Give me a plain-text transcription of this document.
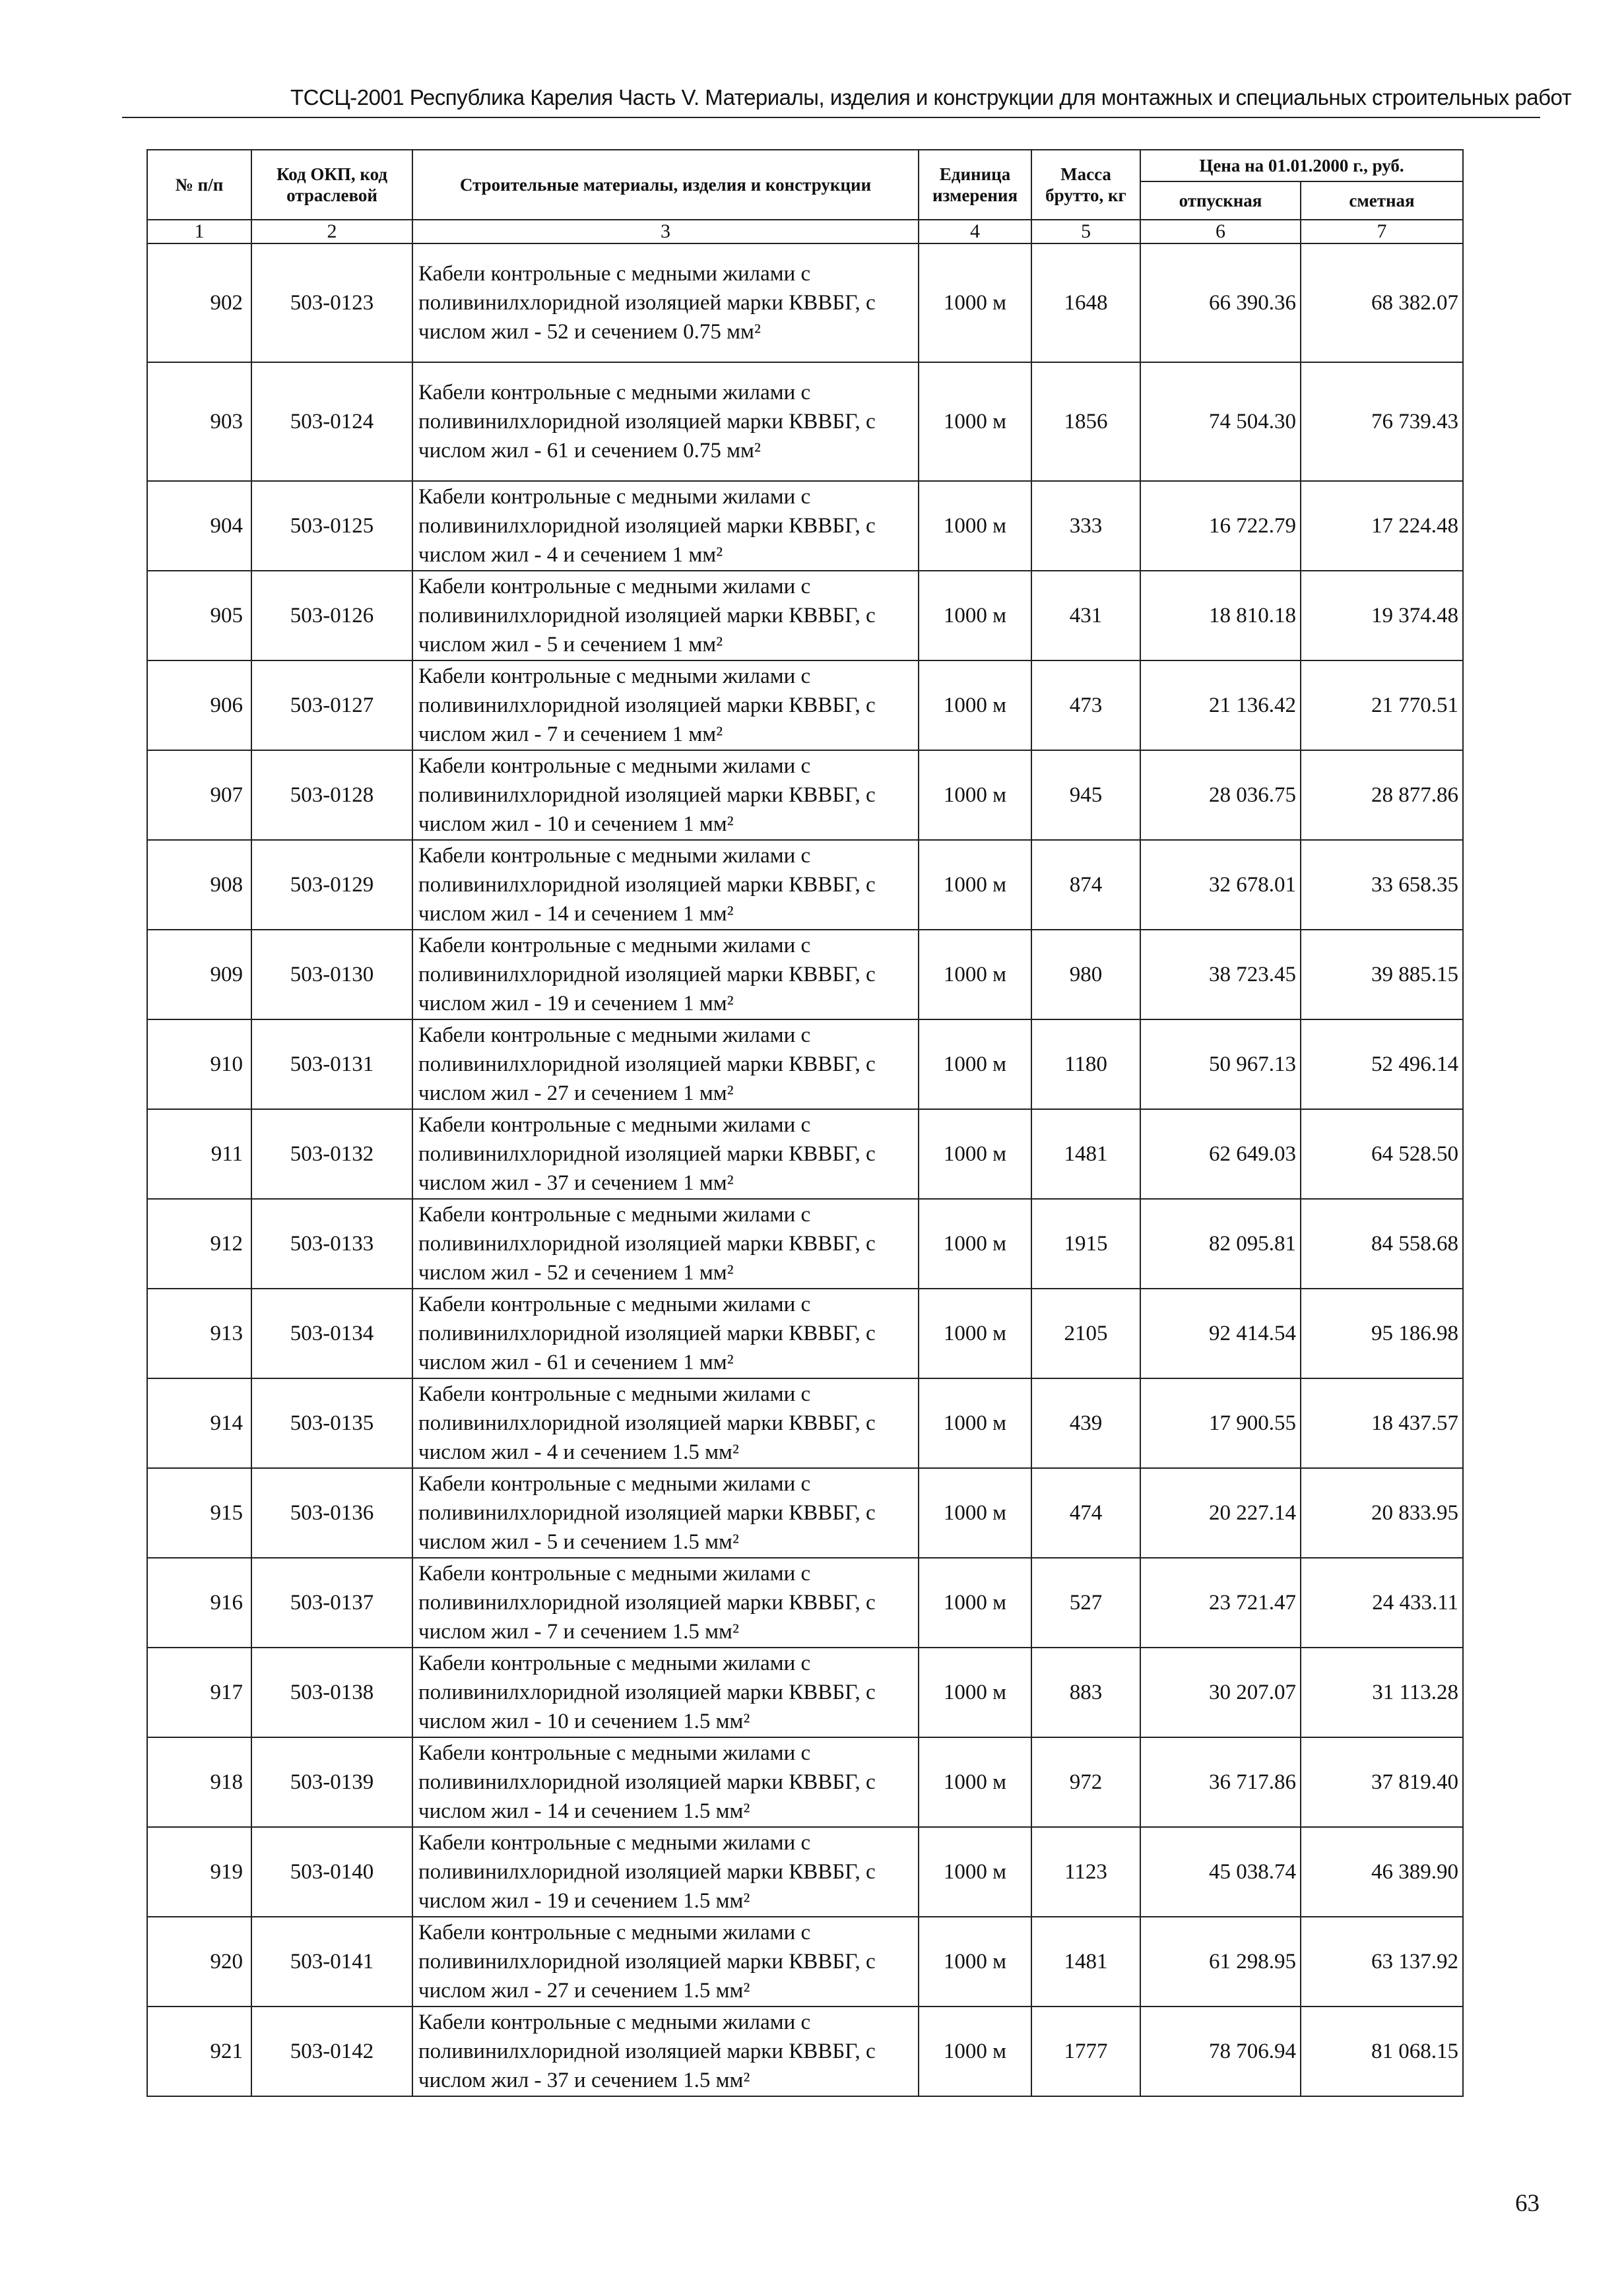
ТССЦ-2001 Республика Карелия Часть V. Материалы, изделия и конструкции для монтажных и специальных строительных работ
№ п/п	Код ОКП, код отраслевой	Строительные материалы, изделия и конструкции	Единица измерения	Масса брутто, кг	Цена на 01.01.2000 г., руб.	
					отпускная	сметная
1	2	3	4	5	6	7
902	503-0123	Кабели контрольные с медными жилами с поливинилхлоридной изоляцией марки КВВБГ, с числом жил - 52 и сечением 0.75 мм²	1000 м	1648	66 390.36	68 382.07
903	503-0124	Кабели контрольные с медными жилами с поливинилхлоридной изоляцией марки КВВБГ, с числом жил - 61 и сечением 0.75 мм²	1000 м	1856	74 504.30	76 739.43
904	503-0125	Кабели контрольные с медными жилами с поливинилхлоридной изоляцией марки КВВБГ, с числом жил - 4 и сечением 1 мм²	1000 м	333	16 722.79	17 224.48
905	503-0126	Кабели контрольные с медными жилами с поливинилхлоридной изоляцией марки КВВБГ, с числом жил - 5 и сечением 1 мм²	1000 м	431	18 810.18	19 374.48
906	503-0127	Кабели контрольные с медными жилами с поливинилхлоридной изоляцией марки КВВБГ, с числом жил - 7 и сечением 1 мм²	1000 м	473	21 136.42	21 770.51
907	503-0128	Кабели контрольные с медными жилами с поливинилхлоридной изоляцией марки КВВБГ, с числом жил - 10 и сечением 1 мм²	1000 м	945	28 036.75	28 877.86
908	503-0129	Кабели контрольные с медными жилами с поливинилхлоридной изоляцией марки КВВБГ, с числом жил - 14 и сечением 1 мм²	1000 м	874	32 678.01	33 658.35
909	503-0130	Кабели контрольные с медными жилами с поливинилхлоридной изоляцией марки КВВБГ, с числом жил - 19 и сечением 1 мм²	1000 м	980	38 723.45	39 885.15
910	503-0131	Кабели контрольные с медными жилами с поливинилхлоридной изоляцией марки КВВБГ, с числом жил - 27 и сечением 1 мм²	1000 м	1180	50 967.13	52 496.14
911	503-0132	Кабели контрольные с медными жилами с поливинилхлоридной изоляцией марки КВВБГ, с числом жил - 37 и сечением 1 мм²	1000 м	1481	62 649.03	64 528.50
912	503-0133	Кабели контрольные с медными жилами с поливинилхлоридной изоляцией марки КВВБГ, с числом жил - 52 и сечением 1 мм²	1000 м	1915	82 095.81	84 558.68
913	503-0134	Кабели контрольные с медными жилами с поливинилхлоридной изоляцией марки КВВБГ, с числом жил - 61 и сечением 1 мм²	1000 м	2105	92 414.54	95 186.98
914	503-0135	Кабели контрольные с медными жилами с поливинилхлоридной изоляцией марки КВВБГ, с числом жил - 4 и сечением 1.5 мм²	1000 м	439	17 900.55	18 437.57
915	503-0136	Кабели контрольные с медными жилами с поливинилхлоридной изоляцией марки КВВБГ, с числом жил - 5 и сечением 1.5 мм²	1000 м	474	20 227.14	20 833.95
916	503-0137	Кабели контрольные с медными жилами с поливинилхлоридной изоляцией марки КВВБГ, с числом жил - 7 и сечением 1.5 мм²	1000 м	527	23 721.47	24 433.11
917	503-0138	Кабели контрольные с медными жилами с поливинилхлоридной изоляцией марки КВВБГ, с числом жил - 10 и сечением 1.5 мм²	1000 м	883	30 207.07	31 113.28
918	503-0139	Кабели контрольные с медными жилами с поливинилхлоридной изоляцией марки КВВБГ, с числом жил - 14 и сечением 1.5 мм²	1000 м	972	36 717.86	37 819.40
919	503-0140	Кабели контрольные с медными жилами с поливинилхлоридной изоляцией марки КВВБГ, с числом жил - 19 и сечением 1.5 мм²	1000 м	1123	45 038.74	46 389.90
920	503-0141	Кабели контрольные с медными жилами с поливинилхлоридной изоляцией марки КВВБГ, с числом жил - 27 и сечением 1.5 мм²	1000 м	1481	61 298.95	63 137.92
921	503-0142	Кабели контрольные с медными жилами с поливинилхлоридной изоляцией марки КВВБГ, с числом жил - 37 и сечением 1.5 мм²	1000 м	1777	78 706.94	81 068.15
63
